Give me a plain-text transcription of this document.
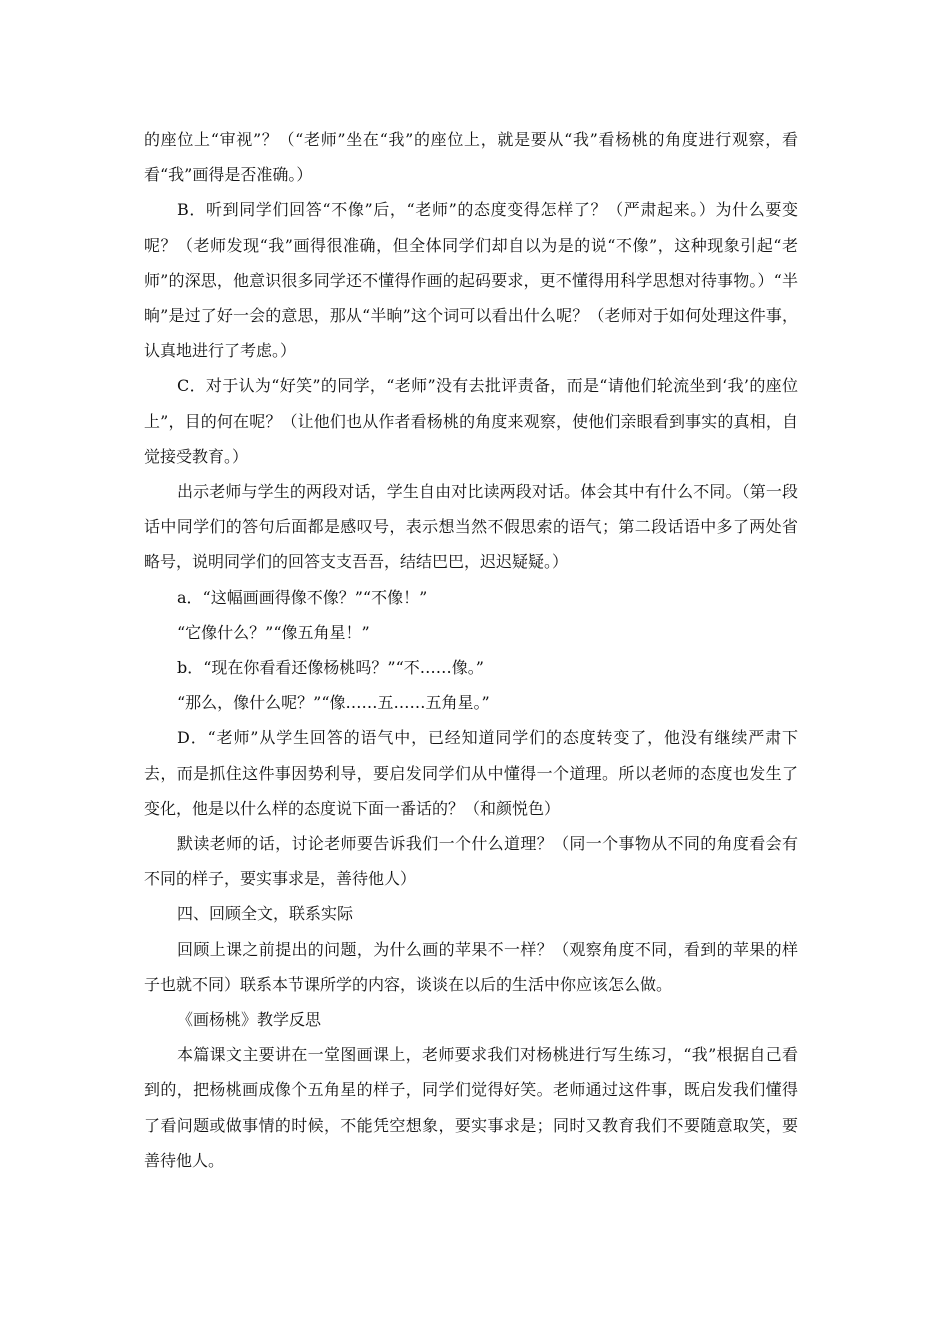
的座位上“审视”？（“老师”坐在“我”的座位上，就是要从“我”看杨桃的角度进行观察，看看“我”画得是否准确。）

B．听到同学们回答“不像”后，“老师”的态度变得怎样了？（严肃起来。）为什么要变呢？（老师发现“我”画得很准确，但全体同学们却自以为是的说“不像”，这种现象引起“老师”的深思，他意识很多同学还不懂得作画的起码要求，更不懂得用科学思想对待事物。）“半晌”是过了好一会的意思，那从“半晌”这个词可以看出什么呢？（老师对于如何处理这件事，认真地进行了考虑。）

C．对于认为“好笑”的同学，“老师”没有去批评责备，而是“请他们轮流坐到‘我’的座位上”，目的何在呢？（让他们也从作者看杨桃的角度来观察，使他们亲眼看到事实的真相，自觉接受教育。）

出示老师与学生的两段对话，学生自由对比读两段对话。体会其中有什么不同。（第一段话中同学们的答句后面都是感叹号，表示想当然不假思索的语气；第二段话语中多了两处省略号，说明同学们的回答支支吾吾，结结巴巴，迟迟疑疑。）

a．“这幅画画得像不像？”“不像！”

“它像什么？”“像五角星！”

b．“现在你看看还像杨桃吗？”“不……像。”

“那么，像什么呢？”“像……五……五角星。”

D．“老师”从学生回答的语气中，已经知道同学们的态度转变了，他没有继续严肃下去，而是抓住这件事因势利导，要启发同学们从中懂得一个道理。所以老师的态度也发生了变化，他是以什么样的态度说下面一番话的？（和颜悦色）

默读老师的话，讨论老师要告诉我们一个什么道理？（同一个事物从不同的角度看会有不同的样子，要实事求是，善待他人）

四、回顾全文，联系实际

回顾上课之前提出的问题，为什么画的苹果不一样？（观察角度不同，看到的苹果的样子也就不同）联系本节课所学的内容，谈谈在以后的生活中你应该怎么做。

《画杨桃》教学反思

本篇课文主要讲在一堂图画课上，老师要求我们对杨桃进行写生练习，“我”根据自己看到的，把杨桃画成像个五角星的样子，同学们觉得好笑。老师通过这件事，既启发我们懂得了看问题或做事情的时候，不能凭空想象，要实事求是；同时又教育我们不要随意取笑，要善待他人。
